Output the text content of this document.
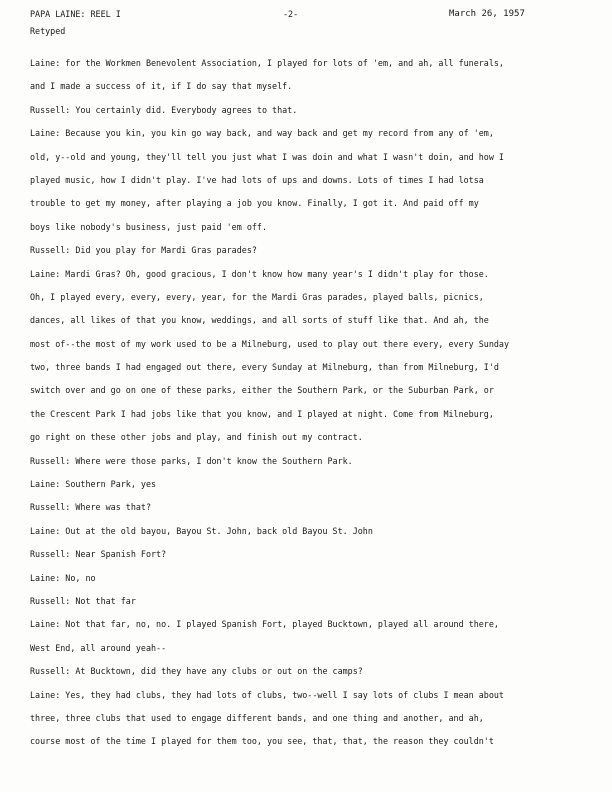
PAPA LAINE: REEL I	-2-	March 26, 1957
Retyped
Laine: for the Workmen Benevolent Association, I played for lots of 'em, and ah, all funerals,
and I made a success of it, if I do say that myself.
Russell: You certainly did. Everybody agrees to that.
Laine: Because you kin, you kin go way back, and way back and get my record from any of 'em,
old, y--old and young, they'll tell you just what I was doin and what I wasn't doin, and how I
played music, how I didn't play. I've had lots of ups and downs. Lots of times I had lotsa
trouble to get my money, after playing a job you know. Finally, I got it. And paid off my
boys like nobody's business, just paid 'em off.
Russell: Did you play for Mardi Gras parades?
Laine: Mardi Gras? Oh, good gracious, I don't know how many year's I didn't play for those.
Oh, I played every, every, every, year, for the Mardi Gras parades, played balls, picnics,
dances, all likes of that you know, weddings, and all sorts of stuff like that. And ah, the
most of--the most of my work used to be a Milneburg, used to play out there every, every Sunday
two, three bands I had engaged out there, every Sunday at Milneburg, than from Milneburg, I'd
switch over and go on one of these parks, either the Southern Park, or the Suburban Park, or
the Crescent Park I had jobs like that you know, and I played at night. Come from Milneburg,
go right on these other jobs and play, and finish out my contract.
Russell: Where were those parks, I don't know the Southern Park.
Laine: Southern Park, yes
Russell: Where was that?
Laine: Out at the old bayou, Bayou St. John, back old Bayou St. John
Russell: Near Spanish Fort?
Laine: No, no
Russell: Not that far
Laine: Not that far, no, no. I played Spanish Fort, played Bucktown, played all around there,
West End, all around yeah--
Russell: At Bucktown, did they have any clubs or out on the camps?
Laine: Yes, they had clubs, they had lots of clubs, two--well I say lots of clubs I mean about
three, three clubs that used to engage different bands, and one thing and another, and ah,
course most of the time I played for them too, you see, that, that, the reason they couldn't
